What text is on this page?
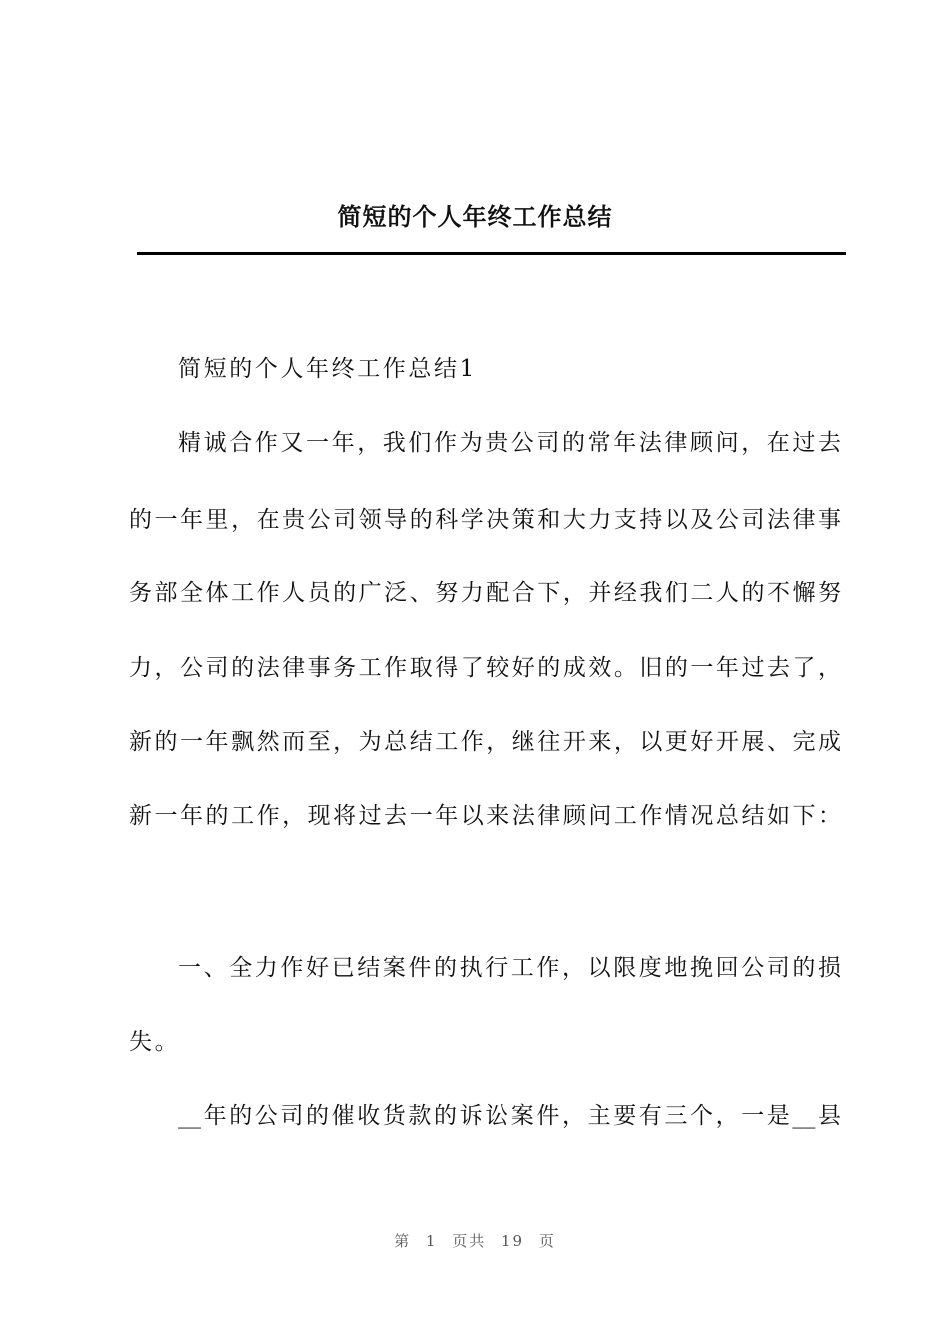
简短的个人年终工作总结
简短的个人年终工作总结1
精诚合作又一年，我们作为贵公司的常年法律顾问，在过去
的一年里，在贵公司领导的科学决策和大力支持以及公司法律事
务部全体工作人员的广泛、努力配合下，并经我们二人的不懈努
力，公司的法律事务工作取得了较好的成效。旧的一年过去了，
新的一年飘然而至，为总结工作，继往开来，以更好开展、完成
新一年的工作，现将过去一年以来法律顾问工作情况总结如下：
一、全力作好已结案件的执行工作，以限度地挽回公司的损
失。
__年的公司的催收货款的诉讼案件，主要有三个，一是__县
第 1 页共 19 页
